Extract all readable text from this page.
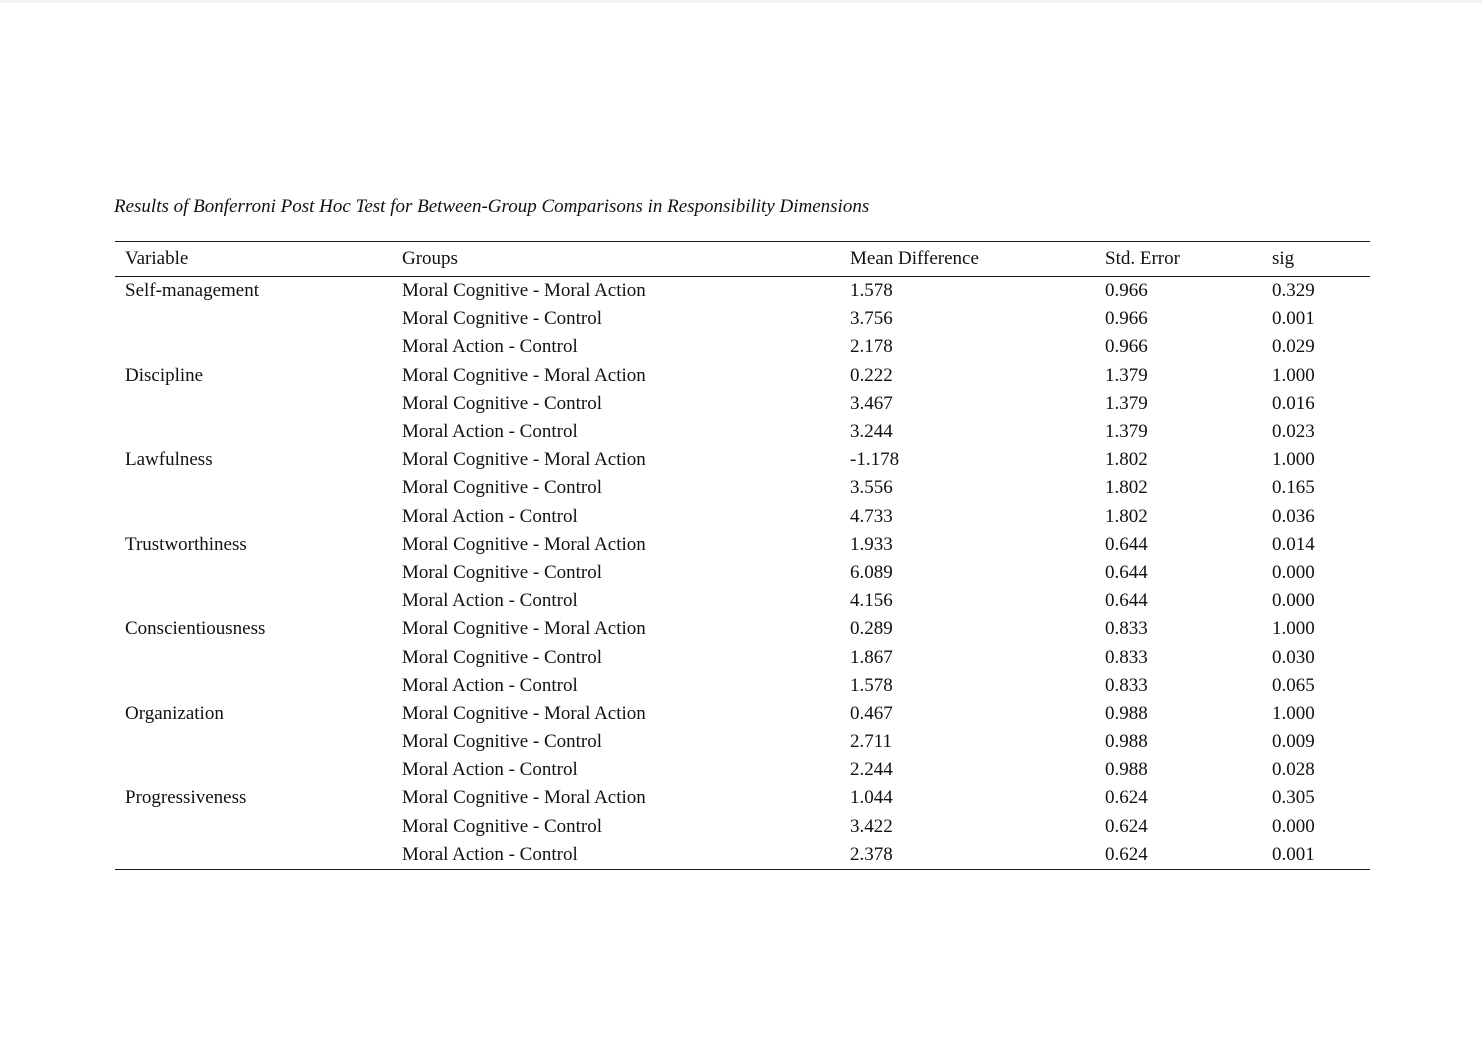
Results of Bonferroni Post Hoc Test for Between-Group Comparisons in Responsibility Dimensions
Variable	Groups	Mean Difference	Std. Error	sig
Self-management	Moral Cognitive - Moral Action	1.578	0.966	0.329
	Moral Cognitive - Control	3.756	0.966	0.001
	Moral Action - Control	2.178	0.966	0.029
Discipline	Moral Cognitive - Moral Action	0.222	1.379	1.000
	Moral Cognitive - Control	3.467	1.379	0.016
	Moral Action - Control	3.244	1.379	0.023
Lawfulness	Moral Cognitive - Moral Action	-1.178	1.802	1.000
	Moral Cognitive - Control	3.556	1.802	0.165
	Moral Action - Control	4.733	1.802	0.036
Trustworthiness	Moral Cognitive - Moral Action	1.933	0.644	0.014
	Moral Cognitive - Control	6.089	0.644	0.000
	Moral Action - Control	4.156	0.644	0.000
Conscientiousness	Moral Cognitive - Moral Action	0.289	0.833	1.000
	Moral Cognitive - Control	1.867	0.833	0.030
	Moral Action - Control	1.578	0.833	0.065
Organization	Moral Cognitive - Moral Action	0.467	0.988	1.000
	Moral Cognitive - Control	2.711	0.988	0.009
	Moral Action - Control	2.244	0.988	0.028
Progressiveness	Moral Cognitive - Moral Action	1.044	0.624	0.305
	Moral Cognitive - Control	3.422	0.624	0.000
	Moral Action - Control	2.378	0.624	0.001
